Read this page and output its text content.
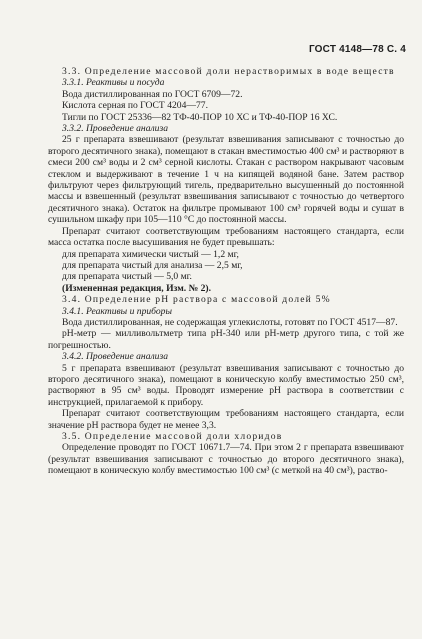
ГОСТ 4148—78 С. 4

3.3. Определение массовой доли нерастворимых в воде веществ

3.3.1. Реактивы и посуда

Вода дистиллированная по ГОСТ 6709—72.

Кислота серная по ГОСТ 4204—77.

Тигли по ГОСТ 25336—82 ТФ-40-ПОР 10 ХС и ТФ-40-ПОР 16 ХС.

3.3.2. Проведение анализа

25 г препарата взвешивают (результат взвешивания записывают с точностью до второго десятичного знака), помещают в стакан вместимостью 400 см³ и растворяют в смеси 200 см³ воды и 2 см³ серной кислоты. Стакан с раствором накрывают часовым стеклом и выдерживают в течение 1 ч на кипящей водяной бане. Затем раствор фильтруют через фильтрующий тигель, предварительно высушенный до постоянной массы и взвешенный (результат взвешивания записывают с точностью до четвертого десятичного знака). Остаток на фильтре промывают 100 см³ горячей воды и сушат в сушильном шкафу при 105—110 °С до постоянной массы.

Препарат считают соответствующим требованиям настоящего стандарта, если масса остатка после высушивания не будет превышать:

для препарата химически чистый — 1,2 мг,

для препарата чистый для анализа — 2,5 мг,

для препарата чистый — 5,0 мг.

(Измененная редакция, Изм. № 2).

3.4. Определение рН раствора с массовой долей 5%

3.4.1. Реактивы и приборы

Вода дистиллированная, не содержащая углекислоты, готовят по ГОСТ 4517—87.

рН-метр — милливольтметр типа рН-340 или рН-метр другого типа, с той же погрешностью.

3.4.2. Проведение анализа

5 г препарата взвешивают (результат взвешивания записывают с точностью до второго десятичного знака), помещают в коническую колбу вместимостью 250 см³, растворяют в 95 см³ воды. Проводят измерение рН раствора в соответствии с инструкцией, прилагаемой к прибору.

Препарат считают соответствующим требованиям настоящего стандарта, если значение рН раствора будет не менее 3,3.

3.5. Определение массовой доли хлоридов

Определение проводят по ГОСТ 10671.7—74. При этом 2 г препарата взвешивают (результат взвешивания записывают с точностью до второго десятичного знака), помещают в коническую колбу вместимостью 100 см³ (с меткой на 40 см³), раство-
